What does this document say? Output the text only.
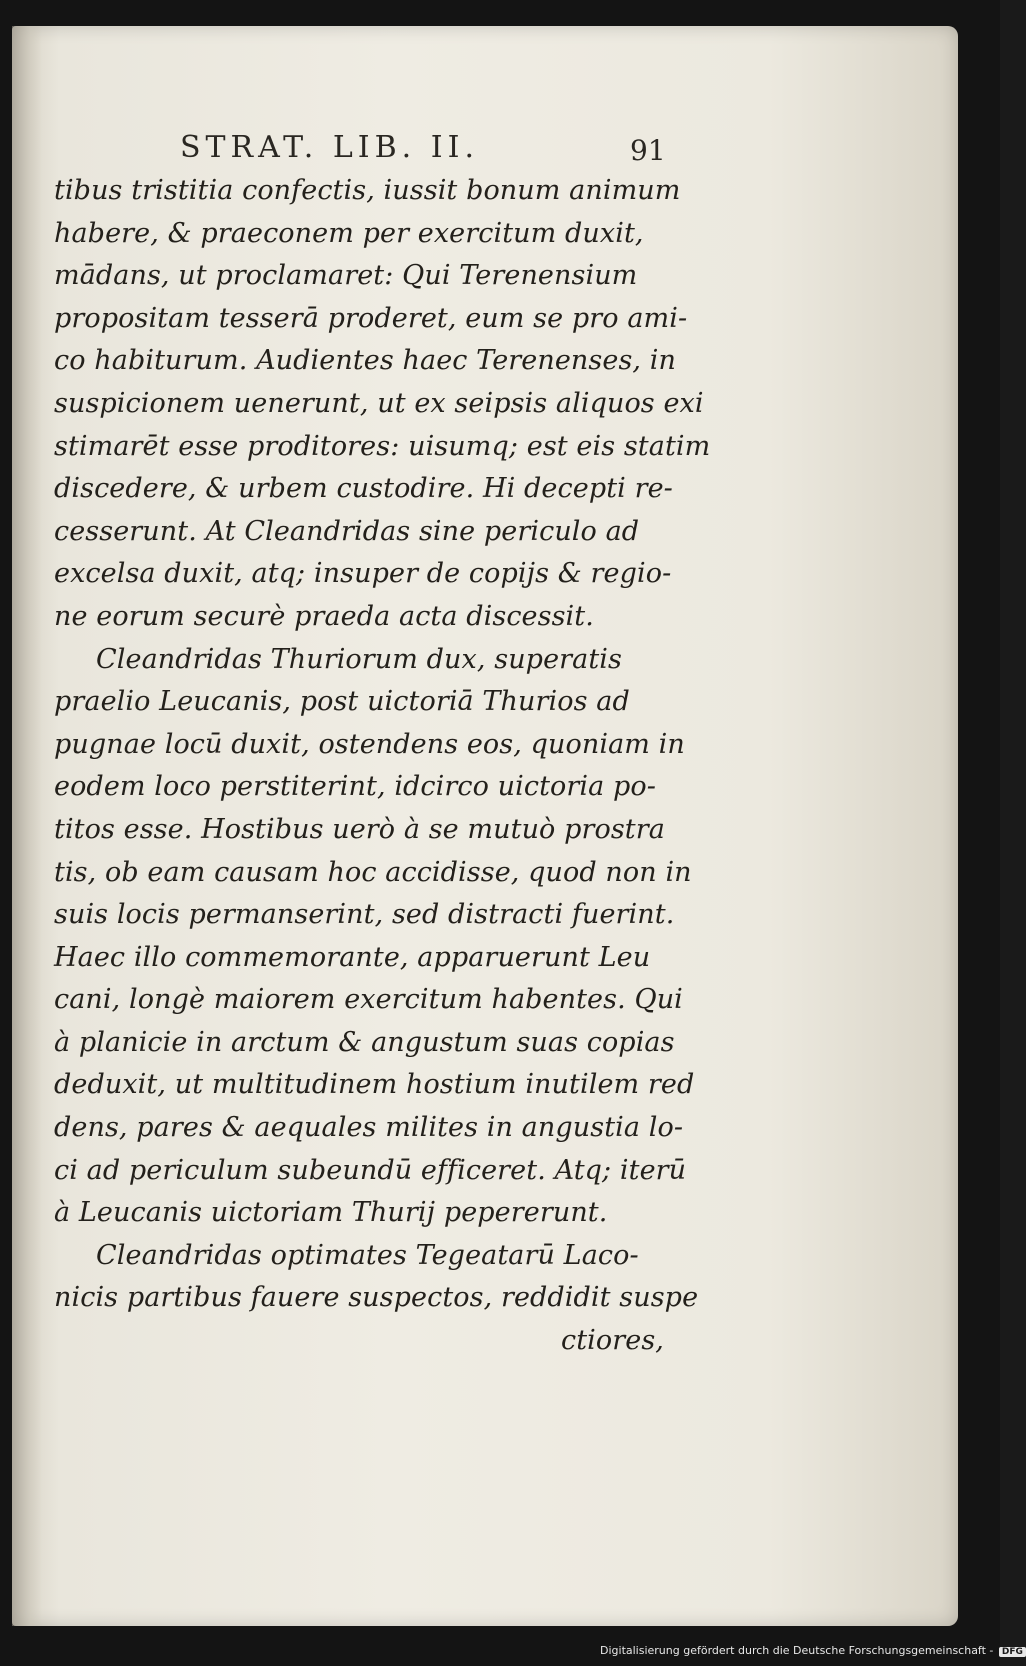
STRAT. LIB. II.	91
tibus tristitia confectis, iussit bonum animum
habere, & praeconem per exercitum duxit,
mādans, ut proclamaret: Qui Terenensium
propositam tesserā proderet, eum se pro ami-
co habiturum. Audientes haec Terenenses, in
suspicionem uenerunt, ut ex seipsis aliquos exi
stimarēt esse proditores: uisumq; est eis statim
discedere, & urbem custodire. Hi decepti re-
cesserunt. At Cleandridas sine periculo ad
excelsa duxit, atq; insuper de copijs & regio-
ne eorum securè praeda acta discessit.
Cleandridas Thuriorum dux, superatis
praelio Leucanis, post uictoriā Thurios ad
pugnae locū duxit, ostendens eos, quoniam in
eodem loco perstiterint, idcirco uictoria po-
titos esse. Hostibus uerò à se mutuò prostra
tis, ob eam causam hoc accidisse, quod non in
suis locis permanserint, sed distracti fuerint.
Haec illo commemorante, apparuerunt Leu
cani, longè maiorem exercitum habentes. Qui
à planicie in arctum & angustum suas copias
deduxit, ut multitudinem hostium inutilem red
dens, pares & aequales milites in angustia lo-
ci ad periculum subeundū efficeret. Atq; iterū
à Leucanis uictoriam Thurij pepererunt.
Cleandridas optimates Tegeatarū Laco-
nicis partibus fauere suspectos, reddidit suspe
ctiores,
Digitalisierung gefördert durch die Deutsche Forschungsgemeinschaft - DFG
